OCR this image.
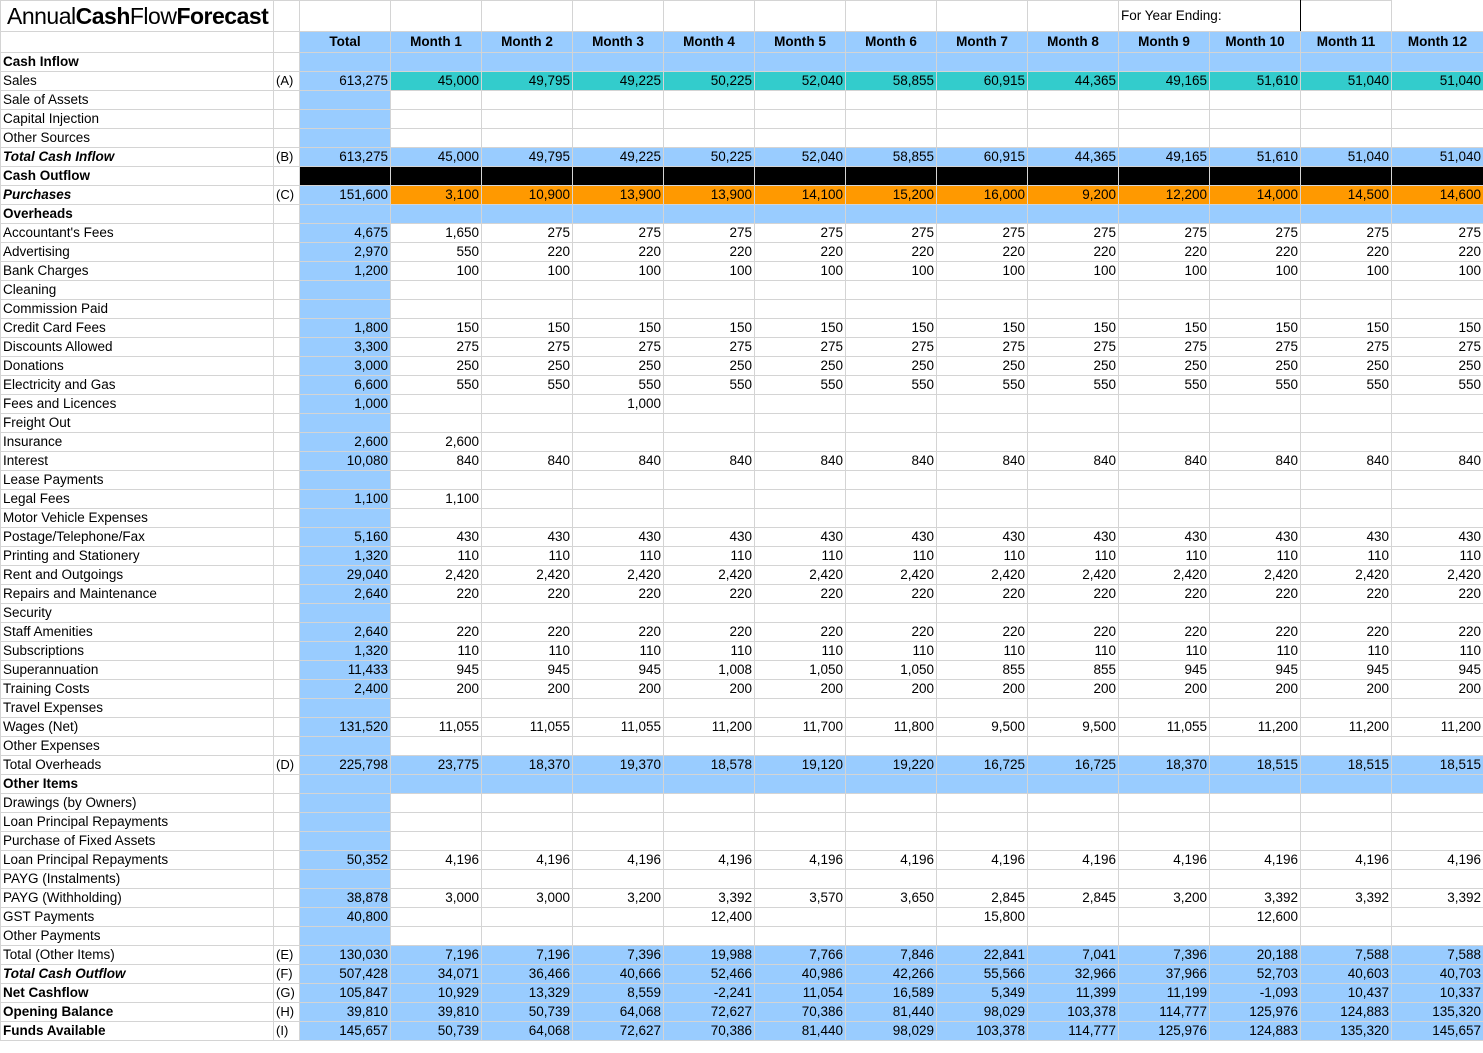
AnnualCashFlowForecast											For Year Ending:			
		Total	Month 1	Month 2	Month 3	Month 4	Month 5	Month 6	Month 7	Month 8	Month 9	Month 10	Month 11	Month 12
Cash Inflow														
Sales	(A)	613,275	45,000	49,795	49,225	50,225	52,040	58,855	60,915	44,365	49,165	51,610	51,040	51,040
Sale of Assets														
Capital Injection														
Other Sources														
Total Cash Inflow	(B)	613,275	45,000	49,795	49,225	50,225	52,040	58,855	60,915	44,365	49,165	51,610	51,040	51,040
Cash Outflow														
Purchases	(C)	151,600	3,100	10,900	13,900	13,900	14,100	15,200	16,000	9,200	12,200	14,000	14,500	14,600
Overheads														
Accountant's Fees		4,675	1,650	275	275	275	275	275	275	275	275	275	275	275
Advertising		2,970	550	220	220	220	220	220	220	220	220	220	220	220
Bank Charges		1,200	100	100	100	100	100	100	100	100	100	100	100	100
Cleaning														
Commission Paid														
Credit Card Fees		1,800	150	150	150	150	150	150	150	150	150	150	150	150
Discounts Allowed		3,300	275	275	275	275	275	275	275	275	275	275	275	275
Donations		3,000	250	250	250	250	250	250	250	250	250	250	250	250
Electricity and Gas		6,600	550	550	550	550	550	550	550	550	550	550	550	550
Fees and Licences		1,000			1,000									
Freight Out														
Insurance		2,600	2,600											
Interest		10,080	840	840	840	840	840	840	840	840	840	840	840	840
Lease Payments														
Legal Fees		1,100	1,100											
Motor Vehicle Expenses														
Postage/Telephone/Fax		5,160	430	430	430	430	430	430	430	430	430	430	430	430
Printing and Stationery		1,320	110	110	110	110	110	110	110	110	110	110	110	110
Rent and Outgoings		29,040	2,420	2,420	2,420	2,420	2,420	2,420	2,420	2,420	2,420	2,420	2,420	2,420
Repairs and Maintenance		2,640	220	220	220	220	220	220	220	220	220	220	220	220
Security														
Staff Amenities		2,640	220	220	220	220	220	220	220	220	220	220	220	220
Subscriptions		1,320	110	110	110	110	110	110	110	110	110	110	110	110
Superannuation		11,433	945	945	945	1,008	1,050	1,050	855	855	945	945	945	945
Training Costs		2,400	200	200	200	200	200	200	200	200	200	200	200	200
Travel Expenses														
Wages (Net)		131,520	11,055	11,055	11,055	11,200	11,700	11,800	9,500	9,500	11,055	11,200	11,200	11,200
Other Expenses														
Total Overheads	(D)	225,798	23,775	18,370	19,370	18,578	19,120	19,220	16,725	16,725	18,370	18,515	18,515	18,515
Other Items														
Drawings (by Owners)														
Loan Principal Repayments														
Purchase of Fixed Assets														
Loan Principal Repayments		50,352	4,196	4,196	4,196	4,196	4,196	4,196	4,196	4,196	4,196	4,196	4,196	4,196
PAYG (Instalments)														
PAYG (Withholding)		38,878	3,000	3,000	3,200	3,392	3,570	3,650	2,845	2,845	3,200	3,392	3,392	3,392
GST Payments		40,800				12,400			15,800			12,600		
Other Payments														
Total (Other Items)	(E)	130,030	7,196	7,196	7,396	19,988	7,766	7,846	22,841	7,041	7,396	20,188	7,588	7,588
Total Cash Outflow	(F)	507,428	34,071	36,466	40,666	52,466	40,986	42,266	55,566	32,966	37,966	52,703	40,603	40,703
Net Cashflow	(G)	105,847	10,929	13,329	8,559	-2,241	11,054	16,589	5,349	11,399	11,199	-1,093	10,437	10,337
Opening Balance	(H)	39,810	39,810	50,739	64,068	72,627	70,386	81,440	98,029	103,378	114,777	125,976	124,883	135,320
Funds Available	(I)	145,657	50,739	64,068	72,627	70,386	81,440	98,029	103,378	114,777	125,976	124,883	135,320	145,657
